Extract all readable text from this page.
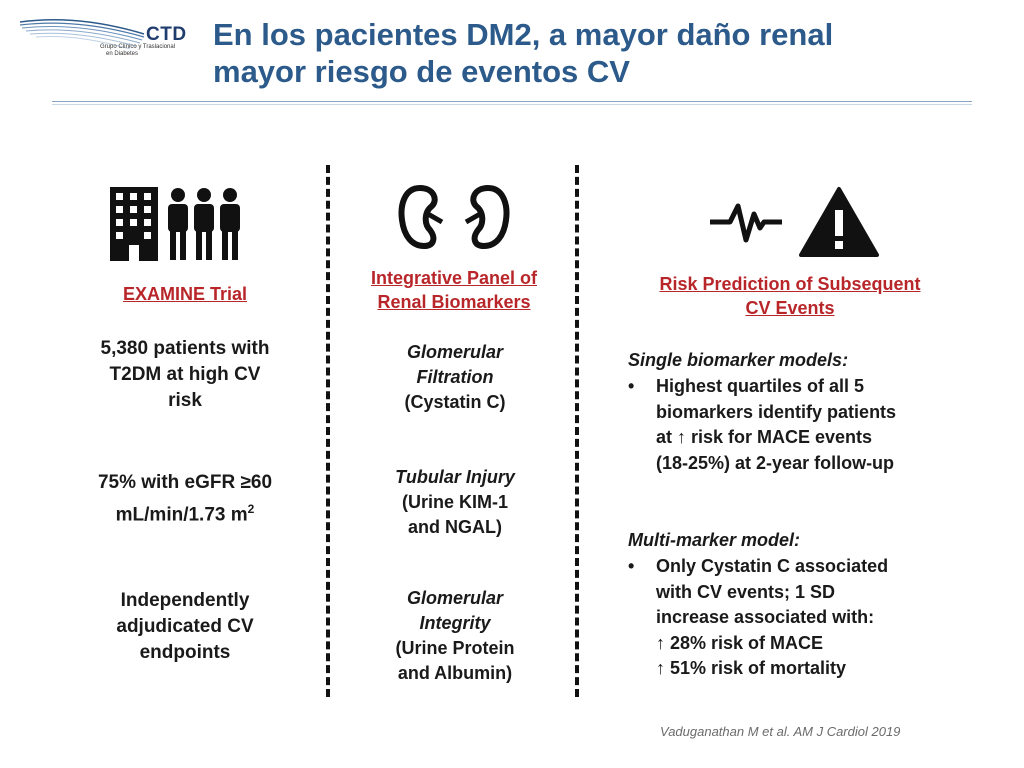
CTD
Grupo Clínico y Traslacional
en Diabetes
En los pacientes DM2, a mayor daño renal
mayor riesgo de eventos CV
EXAMINE Trial
5,380 patients with
T2DM at high CV
risk
75% with eGFR ≥60
mL/min/1.73 $m^2$
Independently
adjudicated CV
endpoints
Integrative Panel of
Renal Biomarkers
Glomerular
Filtration
(Cystatin C)
Tubular Injury
(Urine KIM-1
and NGAL)
Glomerular
Integrity
(Urine Protein
and Albumin)
Risk Prediction of Subsequent
CV Events
Single biomarker models:
• Highest quartiles of all 5
biomarkers identify patients
at ↑ risk for MACE events
(18-25%) at 2-year follow-up
Multi-marker model:
• Only Cystatin C associated
with CV events; 1 SD
increase associated with:
↑ 28% risk of MACE
↑ 51% risk of mortality
Vaduganathan M et al. AM J Cardiol 2019
